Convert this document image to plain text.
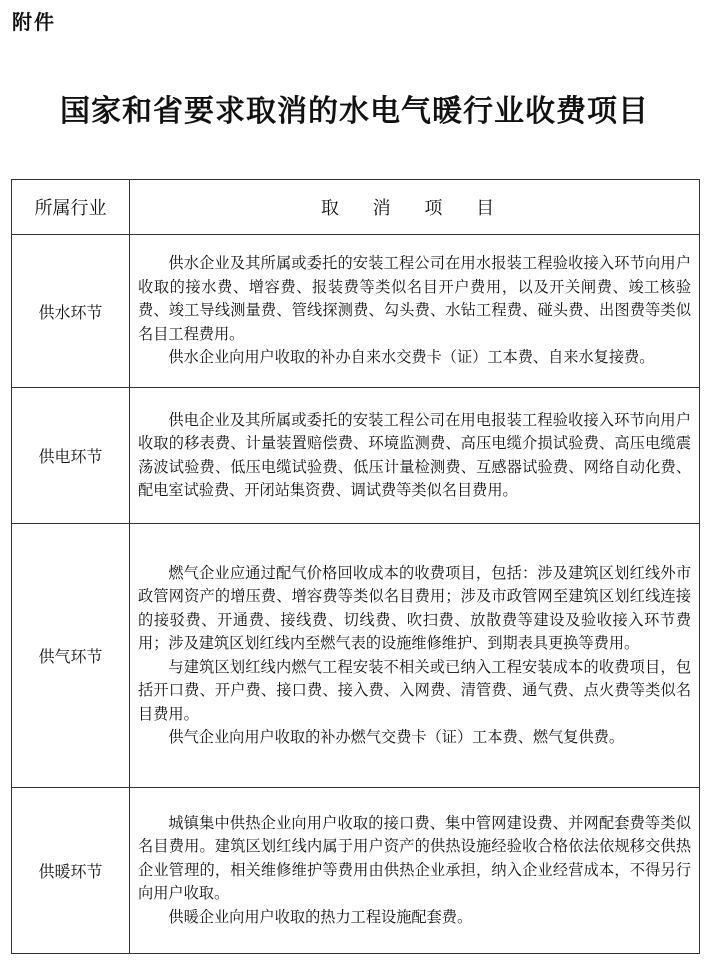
附件
国家和省要求取消的水电气暖行业收费项目
所属行业	取 消 项 目
供水环节	供水企业及其所属或委托的安装工程公司在用水报装工程验收接入环节向用户收取的接水费、增容费、报装费等类似名目开户费用，以及开关闸费、竣工核验费、竣工导线测量费、管线探测费、勾头费、水钻工程费、碰头费、出图费等类似名目工程费用。

供水企业向用户收取的补办自来水交费卡（证）工本费、自来水复接费。

供电环节	供电企业及其所属或委托的安装工程公司在用电报装工程验收接入环节向用户收取的移表费、计量装置赔偿费、环境监测费、高压电缆介损试验费、高压电缆震荡波试验费、低压电缆试验费、低压计量检测费、互感器试验费、网络自动化费、配电室试验费、开闭站集资费、调试费等类似名目费用。

供气环节	燃气企业应通过配气价格回收成本的收费项目，包括：涉及建筑区划红线外市政管网资产的增压费、增容费等类似名目费用；涉及市政管网至建筑区划红线连接的接驳费、开通费、接线费、切线费、吹扫费、放散费等建设及验收接入环节费用；涉及建筑区划红线内至燃气表的设施维修维护、到期表具更换等费用。

与建筑区划红线内燃气工程安装不相关或已纳入工程安装成本的收费项目，包括开口费、开户费、接口费、接入费、入网费、清管费、通气费、点火费等类似名目费用。

供气企业向用户收取的补办燃气交费卡（证）工本费、燃气复供费。

供暖环节	城镇集中供热企业向用户收取的接口费、集中管网建设费、并网配套费等类似名目费用。建筑区划红线内属于用户资产的供热设施经验收合格依法依规移交供热企业管理的，相关维修维护等费用由供热企业承担，纳入企业经营成本，不得另行向用户收取。

供暖企业向用户收取的热力工程设施配套费。
